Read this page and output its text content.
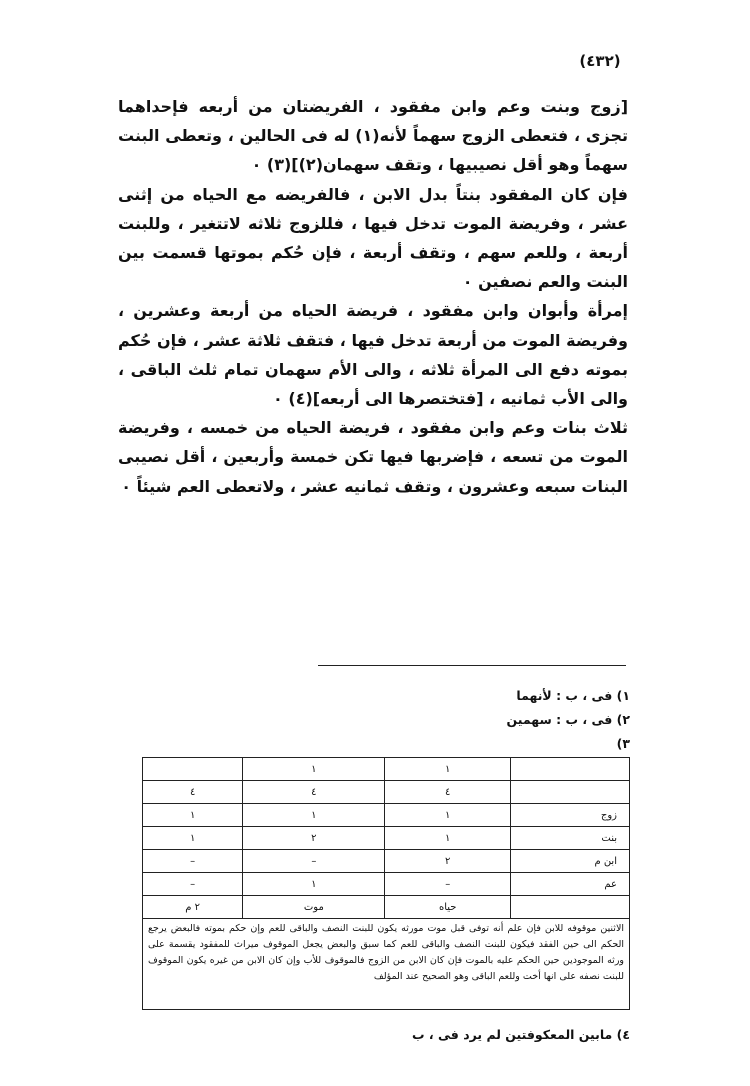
(٤٣٢)

[زوج وبنت وعم وابن مفقود ، الفريضتان من أربعه فإحداهما تجزى ، فتعطى الزوج سهماً لأنه(١) له فى الحالين ، وتعطى البنت سهماً وهو أقل نصيبيها ، وتقف سهمان(٢)](٣) ٠

فإن كان المفقود بنتاً بدل الابن ، فالفريضه مع الحياه من إثنى عشر ، وفريضة الموت تدخل فيها ، فللزوج ثلاثه لاتتغير ، وللبنت أربعة ، وللعم سهم ، وتقف أربعة ، فإن حُكم بموتها قسمت بين البنت والعم نصفين ٠

إمرأة وأبوان وابن مفقود ، فريضة الحياه من أربعة وعشرين ، وفريضة الموت من أربعة تدخل فيها ، فتقف ثلاثة عشر ، فإن حُكم بموته دفع الى المرأة ثلاثه ، والى الأم سهمان تمام ثلث الباقى ، والى الأب ثمانيه ، [فتختصرها الى أربعه](٤) ٠

ثلاث بنات وعم وابن مفقود ، فريضة الحياه من خمسه ، وفريضة الموت من تسعه ، فإضربها فيها تكن خمسة وأربعين ، أقل نصيبى البنات سبعه وعشرون ، وتقف ثمانيه عشر ، ولاتعطى العم شيئاً ٠

١) فى ، ب : لأنهما
٢) فى ، ب : سهمين
٣)
	١	١	
	٤	٤	٤
زوج	١	١	١
بنت	١	٢	١
ابن م	٢	–	–
عم	–	١	–
	حياه	موت	٢ م
الاثنين موقوفه للابن فإن علم أنه توفى قبل موت مورثه يكون للبنت النصف والباقى للعم وإن حكم بموته فالبعض يرجع الحكم الى حين الفقد فيكون للبنت النصف والباقى للعم كما سبق والبعض يجعل الموقوف ميراث للمفقود يقسمة على ورثه الموجودين حين الحكم عليه بالموت فإن كان الابن من الزوج فالموقوف للأب وإن كان الابن من غيره يكون الموقوف للبنت نصفه على انها أخت وللعم الباقى وهو الصحيح عند المؤلف			
٤) مابين المعكوفتين لم يرد فى ، ب
